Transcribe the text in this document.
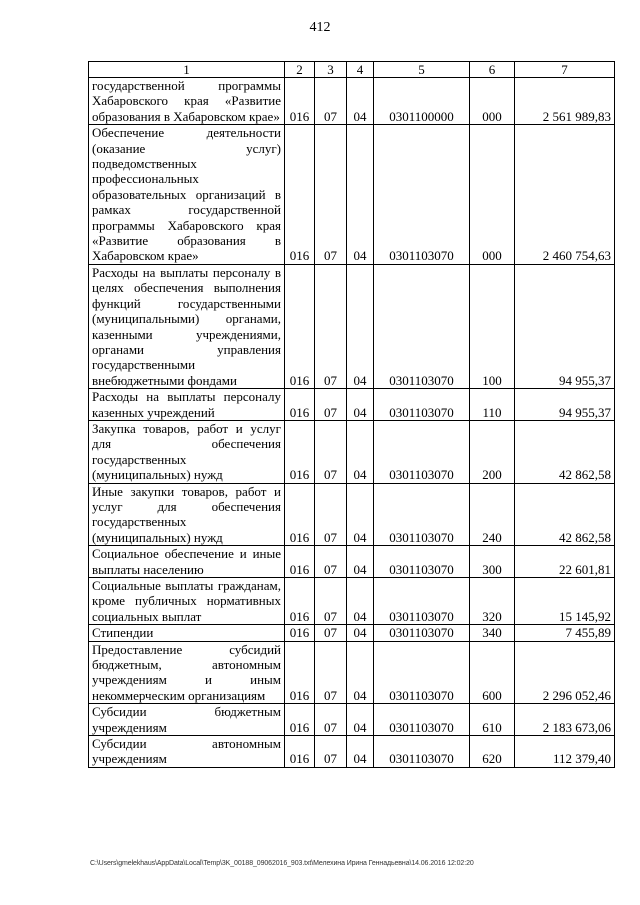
412
1	2	3	4	5	6	7
государственной программы Хабаровского края «Развитие образования в Хабаровском крае»	016	07	04	0301100000	000	2 561 989,83
Обеспечение деятельности (оказание услуг) подведомственных профессиональных образовательных организаций в рамках государственной программы Хабаровского края «Развитие образования в Хабаровском крае»	016	07	04	0301103070	000	2 460 754,63
Расходы на выплаты персоналу в целях обеспечения выполнения функций государственными (муниципальными) органами, казенными учреждениями, органами управления государственными внебюджетными фондами	016	07	04	0301103070	100	94 955,37
Расходы на выплаты персоналу казенных учреждений	016	07	04	0301103070	110	94 955,37
Закупка товаров, работ и услуг для обеспечения государственных (муниципальных) нужд	016	07	04	0301103070	200	42 862,58
Иные закупки товаров, работ и услуг для обеспечения государственных (муниципальных) нужд	016	07	04	0301103070	240	42 862,58
Социальное обеспечение и иные выплаты населению	016	07	04	0301103070	300	22 601,81
Социальные выплаты гражданам, кроме публичных нормативных социальных выплат	016	07	04	0301103070	320	15 145,92
Стипендии	016	07	04	0301103070	340	7 455,89
Предоставление субсидий бюджетным, автономным учреждениям и иным некоммерческим организациям	016	07	04	0301103070	600	2 296 052,46
Субсидии бюджетным учреждениям	016	07	04	0301103070	610	2 183 673,06
Субсидии автономным учреждениям	016	07	04	0301103070	620	112 379,40
C:\Users\gmelekhaus\AppData\Local\Temp\3K_00188_09062016_903.txt\Мелехина Ирина Геннадьевна\14.06.2016 12:02:20
